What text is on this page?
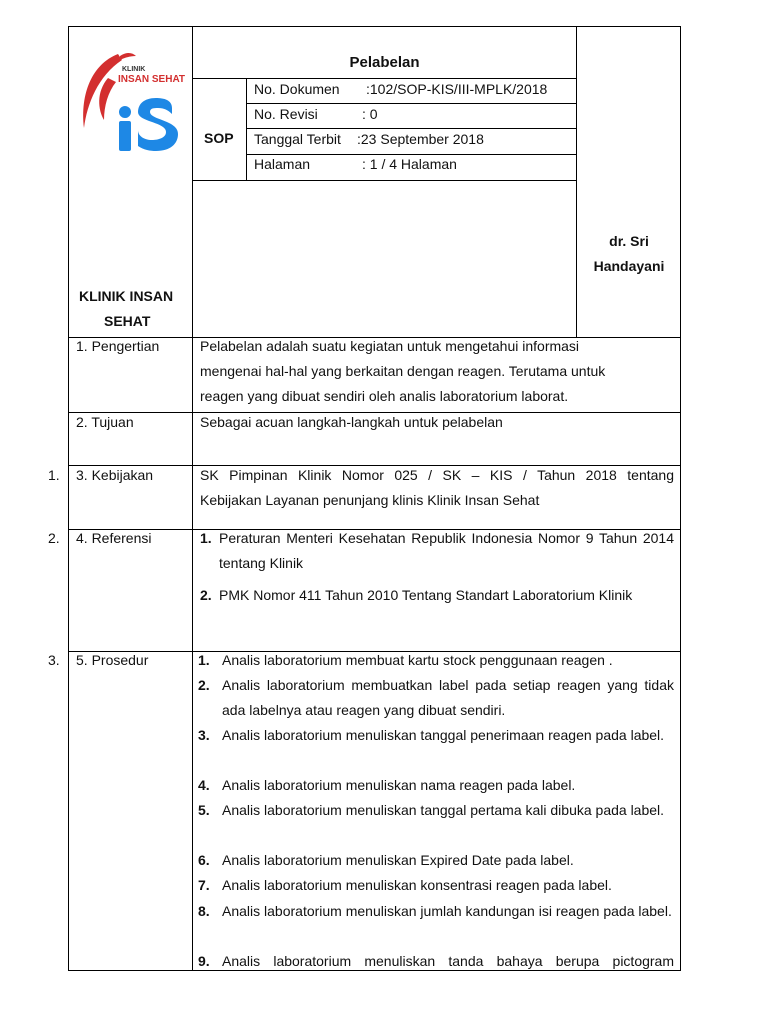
KLINIK
INSAN SEHAT
KLINIK INSAN
SEHAT
Pelabelan
SOP
No. Dokumen :102/SOP-KIS/III-MPLK/2018
No. Revisi	: 0
Tanggal Terbit :23 September 2018
Halaman	: 1 / 4 Halaman
dr. Sri
Handayani
1. Pengertian	Pelabelan adalah suatu kegiatan untuk mengetahui informasi
mengenai hal-hal yang berkaitan dengan reagen. Terutama untuk
reagen yang dibuat sendiri oleh analis laboratorium laborat.
2. Tujuan	Sebagai acuan langkah-langkah untuk pelabelan
1. 3. Kebijakan	SK Pimpinan Klinik Nomor 025 / SK – KIS / Tahun 2018 tentang
Kebijakan Layanan penunjang klinis Klinik Insan Sehat
2. 4. Referensi	1. Peraturan Menteri Kesehatan Republik Indonesia Nomor 9 Tahun 2014 tentang Klinik
2. PMK Nomor 411 Tahun 2010 Tentang Standart Laboratorium Klinik
3. 5. Prosedur	1. Analis laboratorium membuat kartu stock penggunaan reagen .
2. Analis laboratorium membuatkan label pada setiap reagen yang tidak ada labelnya atau reagen yang dibuat sendiri.
3. Analis laboratorium menuliskan tanggal penerimaan reagen pada label.
4. Analis laboratorium menuliskan nama reagen pada label.
5. Analis laboratorium menuliskan tanggal pertama kali dibuka pada label.
6. Analis laboratorium menuliskan Expired Date pada label.
7. Analis laboratorium menuliskan konsentrasi reagen pada label.
8. Analis laboratorium menuliskan jumlah kandungan isi reagen pada label.
9. Analis laboratorium menuliskan tanda bahaya berupa pictogram
